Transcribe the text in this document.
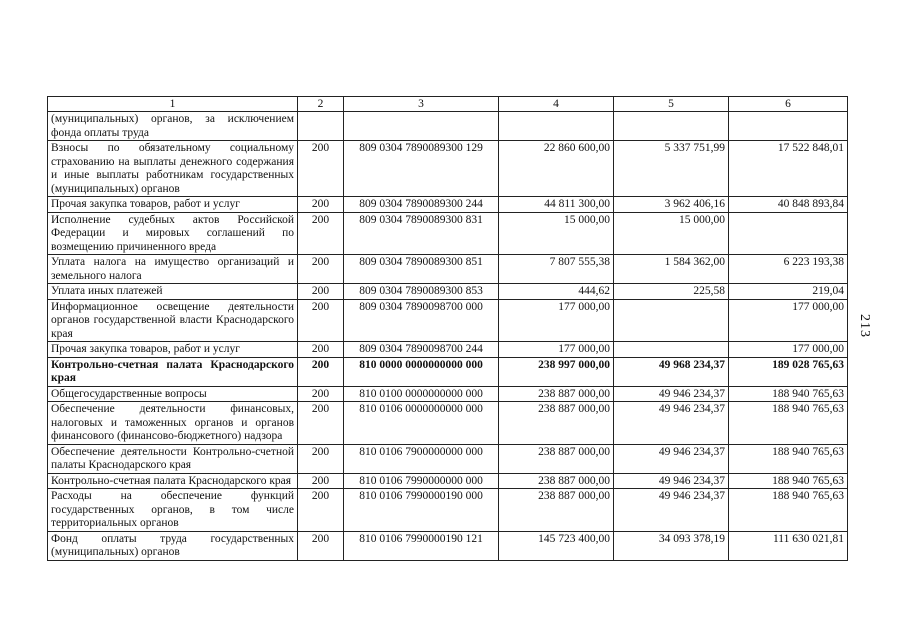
1	2	3	4	5	6
(муниципальных) органов, за исключением фонда оплаты труда					
Взносы по обязательному социальному страхованию на выплаты денежного содержания и иные выплаты работникам государственных (муниципальных) органов	200	809 0304 7890089300 129	22 860 600,00	5 337 751,99	17 522 848,01
Прочая закупка товаров, работ и услуг	200	809 0304 7890089300 244	44 811 300,00	3 962 406,16	40 848 893,84
Исполнение судебных актов Российской Федерации и мировых соглашений по возмещению причиненного вреда	200	809 0304 7890089300 831	15 000,00	15 000,00	
Уплата налога на имущество организаций и земельного налога	200	809 0304 7890089300 851	7 807 555,38	1 584 362,00	6 223 193,38
Уплата иных платежей	200	809 0304 7890089300 853	444,62	225,58	219,04
Информационное освещение деятельности органов государственной власти Краснодарского края	200	809 0304 7890098700 000	177 000,00		177 000,00
Прочая закупка товаров, работ и услуг	200	809 0304 7890098700 244	177 000,00		177 000,00
Контрольно-счетная палата Краснодарского края	200	810 0000 0000000000 000	238 997 000,00	49 968 234,37	189 028 765,63
Общегосударственные вопросы	200	810 0100 0000000000 000	238 887 000,00	49 946 234,37	188 940 765,63
Обеспечение деятельности финансовых, налоговых и таможенных органов и органов финансового (финансово-бюджетного) надзора	200	810 0106 0000000000 000	238 887 000,00	49 946 234,37	188 940 765,63
Обеспечение деятельности Контрольно-счетной палаты Краснодарского края	200	810 0106 7900000000 000	238 887 000,00	49 946 234,37	188 940 765,63
Контрольно-счетная палата Краснодарского края	200	810 0106 7990000000 000	238 887 000,00	49 946 234,37	188 940 765,63
Расходы на обеспечение функций государственных органов, в том числе территориальных органов	200	810 0106 7990000190 000	238 887 000,00	49 946 234,37	188 940 765,63
Фонд оплаты труда государственных (муниципальных) органов	200	810 0106 7990000190 121	145 723 400,00	34 093 378,19	111 630 021,81
213
